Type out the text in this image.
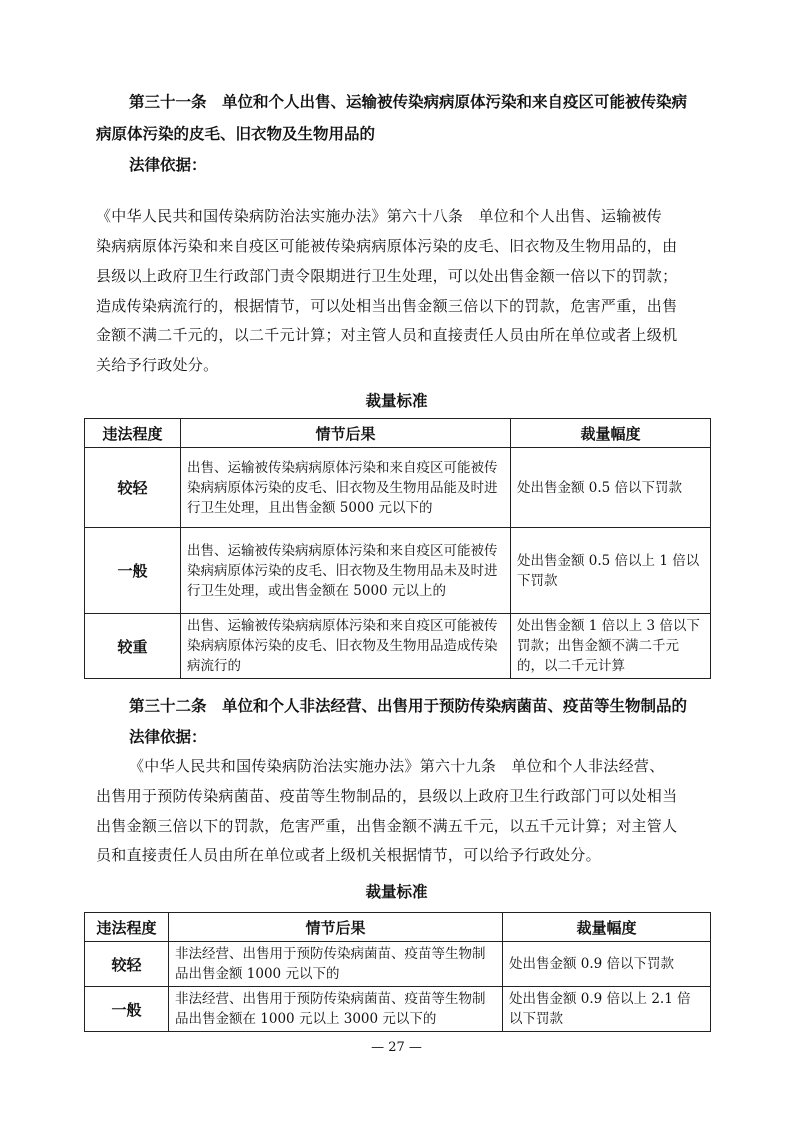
第三十一条　单位和个人出售、运输被传染病病原体污染和来自疫区可能被传染病
病原体污染的皮毛、旧衣物及生物用品的
法律依据：
《中华人民共和国传染病防治法实施办法》第六十八条　单位和个人出售、运输被传
染病病原体污染和来自疫区可能被传染病病原体污染的皮毛、旧衣物及生物用品的，由
县级以上政府卫生行政部门责令限期进行卫生处理，可以处出售金额一倍以下的罚款；
造成传染病流行的，根据情节，可以处相当出售金额三倍以下的罚款，危害严重，出售
金额不满二千元的，以二千元计算；对主管人员和直接责任人员由所在单位或者上级机
关给予行政处分。
裁量标准
违法程度	情节后果	裁量幅度
较轻	出售、运输被传染病病原体污染和来自疫区可能被传染病病原体污染的皮毛、旧衣物及生物用品能及时进行卫生处理，且出售金额 5000 元以下的	处出售金额 0.5 倍以下罚款
一般	出售、运输被传染病病原体污染和来自疫区可能被传染病病原体污染的皮毛、旧衣物及生物用品未及时进行卫生处理，或出售金额在 5000 元以上的	处出售金额 0.5 倍以上 1 倍以下罚款
较重	出售、运输被传染病病原体污染和来自疫区可能被传染病病原体污染的皮毛、旧衣物及生物用品造成传染病流行的	处出售金额 1 倍以上 3 倍以下罚款；出售金额不满二千元的，以二千元计算
第三十二条　单位和个人非法经营、出售用于预防传染病菌苗、疫苗等生物制品的
法律依据：
《中华人民共和国传染病防治法实施办法》第六十九条　单位和个人非法经营、
出售用于预防传染病菌苗、疫苗等生物制品的，县级以上政府卫生行政部门可以处相当
出售金额三倍以下的罚款，危害严重，出售金额不满五千元，以五千元计算；对主管人
员和直接责任人员由所在单位或者上级机关根据情节，可以给予行政处分。
裁量标准
违法程度	情节后果	裁量幅度
较轻	非法经营、出售用于预防传染病菌苗、疫苗等生物制品出售金额 1000 元以下的	处出售金额 0.9 倍以下罚款
一般	非法经营、出售用于预防传染病菌苗、疫苗等生物制品出售金额在 1000 元以上 3000 元以下的	处出售金额 0.9 倍以上 2.1 倍以下罚款
— 27 —
